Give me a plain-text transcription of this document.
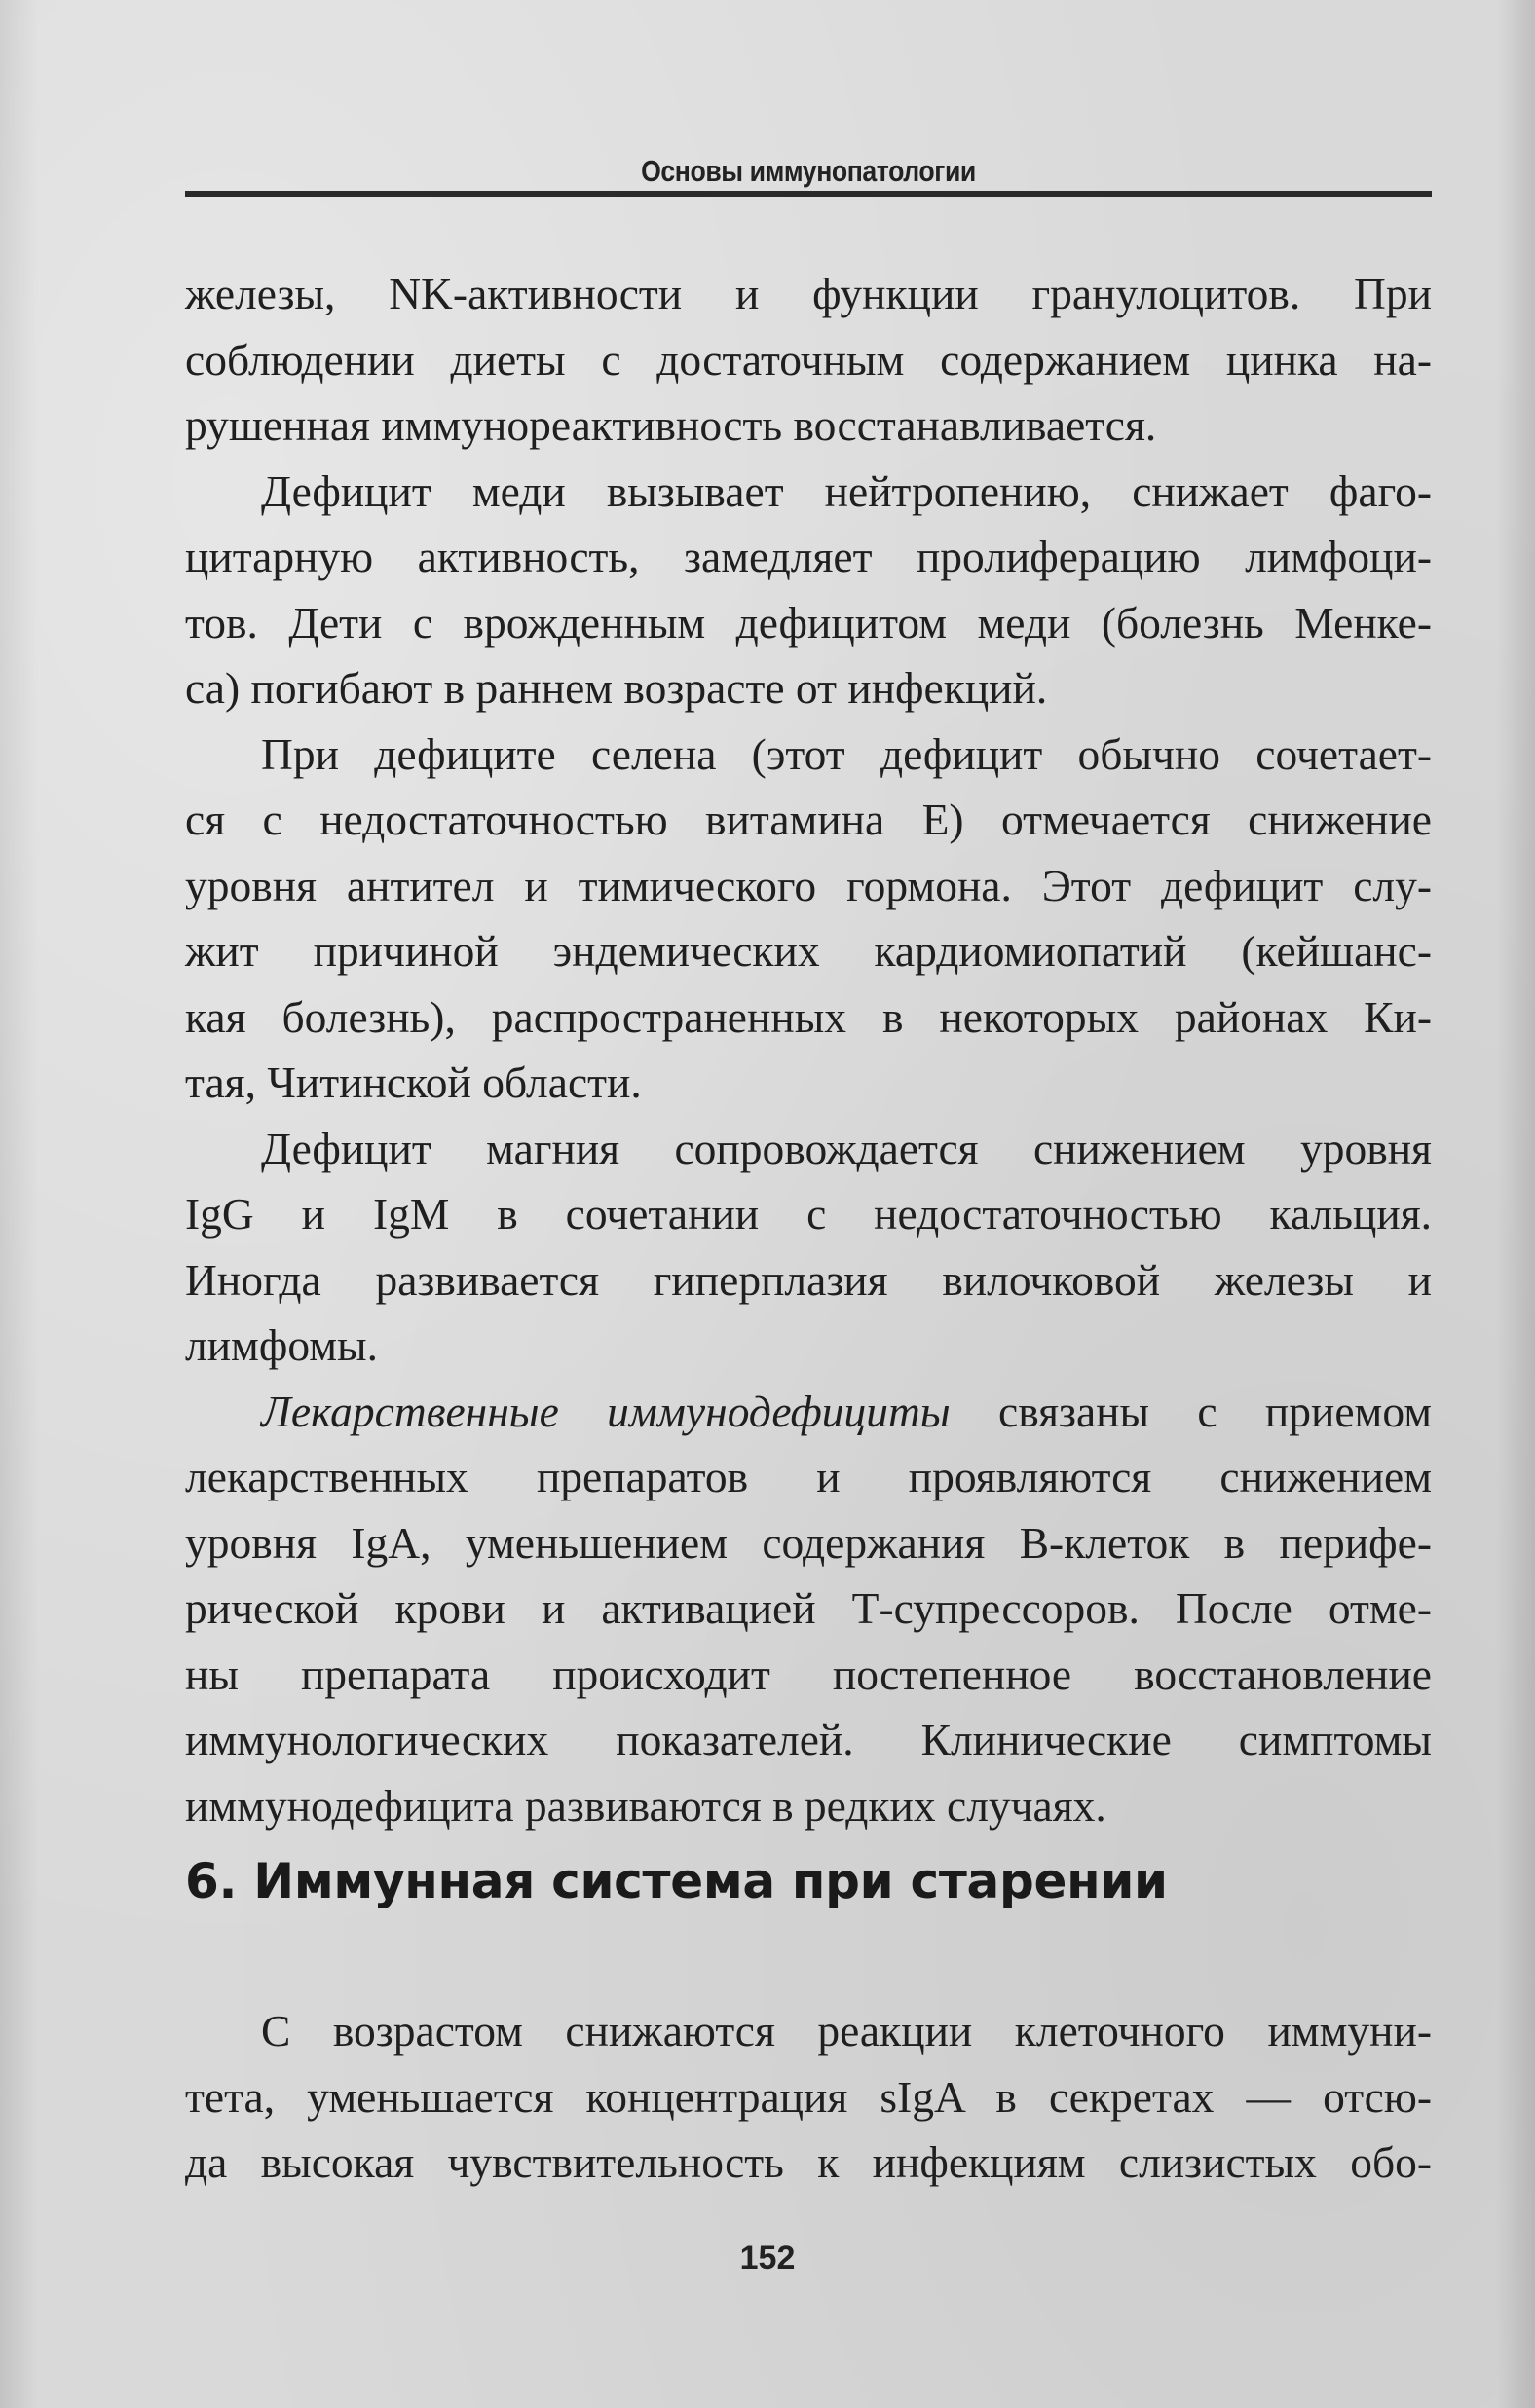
Основы иммунопатологии
железы, NK-активности и функции гранулоцитов. При
соблюдении диеты с достаточным содержанием цинка на-
рушенная иммунореактивность восстанавливается.
Дефицит меди вызывает нейтропению, снижает фаго-
цитарную активность, замедляет пролиферацию лимфоци-
тов. Дети с врожденным дефицитом меди (болезнь Менке-
са) погибают в раннем возрасте от инфекций.
При дефиците селена (этот дефицит обычно сочетает-
ся с недостаточностью витамина Е) отмечается снижение
уровня антител и тимического гормона. Этот дефицит слу-
жит причиной эндемических кардиомиопатий (кейшанс-
кая болезнь), распространенных в некоторых районах Ки-
тая, Читинской области.
Дефицит магния сопровождается снижением уровня
IgG и IgM в сочетании с недостаточностью кальция.
Иногда развивается гиперплазия вилочковой железы и
лимфомы.
Лекарственные иммунодефициты связаны с приемом
лекарственных препаратов и проявляются снижением
уровня IgA, уменьшением содержания В-клеток в перифе-
рической крови и активацией Т-супрессоров. После отме-
ны препарата происходит постепенное восстановление
иммунологических показателей. Клинические симптомы
иммунодефицита развиваются в редких случаях.
6. Иммунная система при старении
С возрастом снижаются реакции клеточного иммуни-
тета, уменьшается концентрация sIgA в секретах — отсю-
да высокая чувствительность к инфекциям слизистых обо-
152
